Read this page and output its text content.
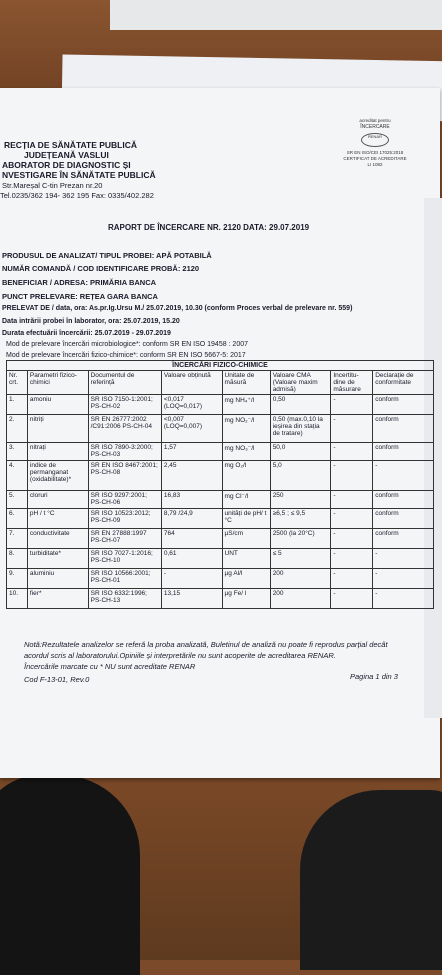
RECȚIA DE SĂNĂTATE PUBLICĂ
JUDEȚEANĂ VASLUI
ABORATOR DE DIAGNOSTIC ȘI
NVESTIGARE ÎN SĂNĂTATE PUBLICĂ
Str.Mareșal C-tin Prezan nr.20
Tel.0235/362 194- 362 195 Fax: 0335/402.282
acreditat pentru
ÎNCERCARE
RENAR
SR EN ISO/CEI 17025:2018
CERTIFICAT DE ACREDITARE
LI 1082
RAPORT DE ÎNCERCARE NR. 2120 DATA: 29.07.2019
PRODUSUL DE ANALIZAT/ TIPUL PROBEI: APĂ POTABILĂ
NUMĂR COMANDĂ / COD IDENTIFICARE PROBĂ: 2120
BENEFICIAR / ADRESA: PRIMĂRIA BANCA
PUNCT PRELEVARE: REȚEA GARA BANCA
PRELEVAT DE / data, ora: As.pr.Ig.Ursu M./ 25.07.2019, 10.30 (conform Proces verbal de prelevare nr. 559)
Data intrării probei în laborator, ora: 25.07.2019, 15.20
Durata efectuării încercării: 25.07.2019 - 29.07.2019
Mod de prelevare încercări microbiologice*: conform SR EN ISO 19458 : 2007
Mod de prelevare încercări fizico-chimice*: conform SR EN ISO 5667-5: 2017
ÎNCERCĂRI FIZICO-CHIMICE							
Nr. crt.	Parametri fizico-chimici	Documentul de referință	Valoare obținută	Unitate de măsură	Valoare CMA (Valoare maxim admisă)	Incertitu-dine de măsurare	Declarație de conformitate
1.	amoniu	SR ISO 7150-1:2001; PS-CH-02	<0,017 (LOQ=0,017)	mg NH₄⁺/l	0,50	-	conform
2.	nitriți	SR EN 26777:2002 /C91:2006 PS-CH-04	<0,007 (LOQ=0,007)	mg NO₂⁻/l	0,50 (max.0,10 la ieșirea din stația de tratare)	-	conform
3.	nitrați	SR ISO 7890-3:2000; PS-CH-03	1,57	mg NO₃⁻/l	50,0	-	conform
4.	indice de permanganat (oxidabilitate)*	SR EN ISO 8467:2001; PS-CH-08	2,45	mg O₂/l	5,0	-	-
5.	cloruri	SR ISO 9297:2001; PS-CH-06	16,83	mg Cl⁻/l	250	-	conform
6.	pH / t °C	SR ISO 10523:2012; PS-CH-09	8,79 /24,9	unități de pH/ t °C	≥6,5 ; ≤ 9,5	-	conform
7.	conductivitate	SR EN 27888:1997 PS-CH-07	764	µS/cm	2500 (la 20°C)	-	conform
8.	turbiditate*	SR ISO 7027-1:2016; PS-CH-10	0,61	UNT	≤ 5	-	-
9.	aluminiu	SR ISO 10566:2001; PS-CH-01	-	µg Al/l	200	-	-
10.	fier*	SR ISO 6332:1996; PS-CH-13	13,15	µg Fe/ l	200	-	-
Notă:Rezultatele analizelor se referă la proba analizată, Buletinul de analiză nu poate fi reprodus parțial decât
acordul scris al laboratorului.Opiniile și interpretările nu sunt acoperite de acreditarea RENAR.
Încercările marcate cu * NU sunt acreditate RENAR
Pagina 1 din 3
Cod F-13-01, Rev.0
